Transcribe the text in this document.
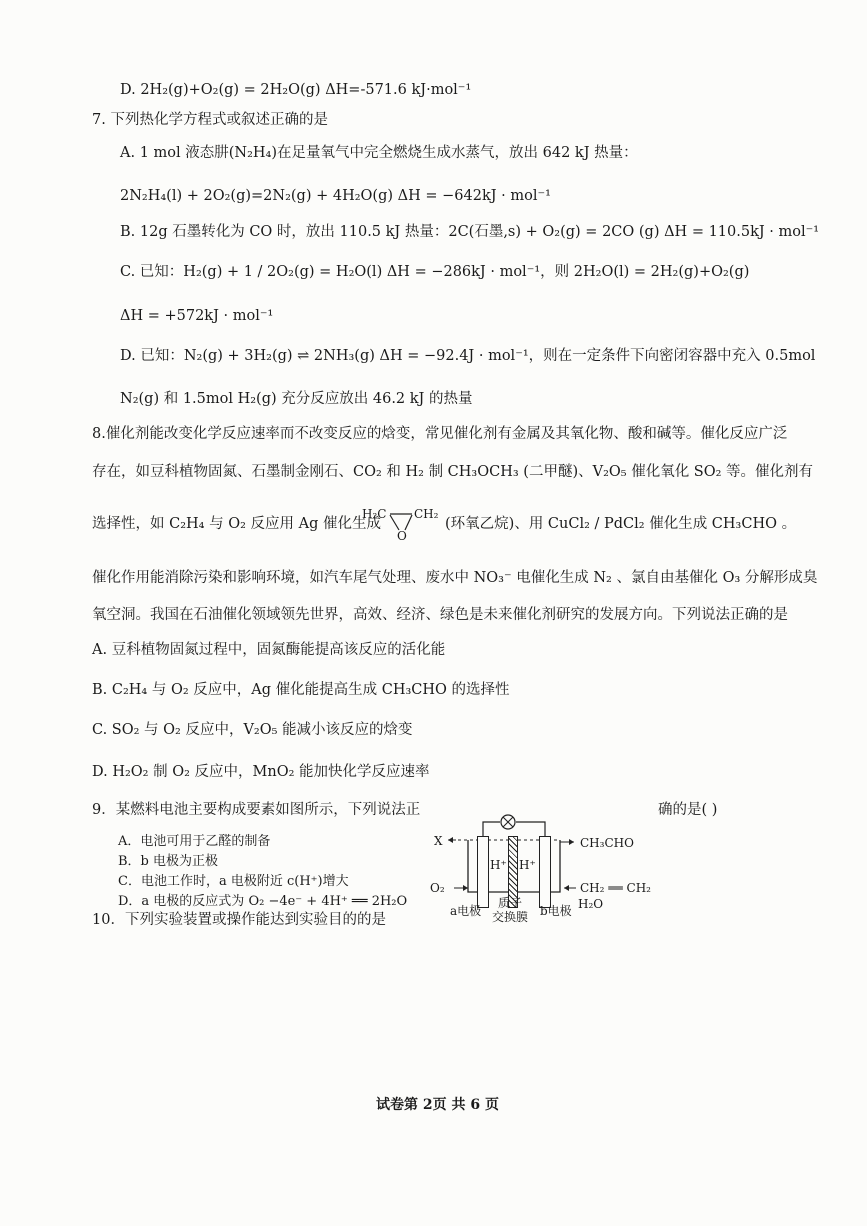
D. 2H₂(g)+O₂(g) = 2H₂O(g) ΔH=-571.6 kJ·mol⁻¹
7. 下列热化学方程式或叙述正确的是
A. 1 mol 液态肼(N₂H₄)在足量氧气中完全燃烧生成水蒸气，放出 642 kJ 热量：
2N₂H₄(l) + 2O₂(g)=2N₂(g) + 4H₂O(g) ΔH = −642kJ · mol⁻¹
B. 12g 石墨转化为 CO 时，放出 110.5 kJ 热量：2C(石墨,s) + O₂(g) = 2CO (g) ΔH = 110.5kJ · mol⁻¹
C. 已知：H₂(g) + 1 / 2O₂(g) = H₂O(l) ΔH = −286kJ · mol⁻¹，则 2H₂O(l) = 2H₂(g)+O₂(g)
ΔH = +572kJ · mol⁻¹
D. 已知：N₂(g) + 3H₂(g) ⇌ 2NH₃(g) ΔH = −92.4J · mol⁻¹，则在一定条件下向密闭容器中充入 0.5mol
N₂(g) 和 1.5mol H₂(g) 充分反应放出 46.2 kJ 的热量
8.催化剂能改变化学反应速率而不改变反应的焓变，常见催化剂有金属及其氧化物、酸和碱等。催化反应广泛
存在，如豆科植物固氮、石墨制金刚石、CO₂ 和 H₂ 制 CH₃OCH₃ (二甲醚)、V₂O₅ 催化氧化 SO₂ 等。催化剂有
选择性，如 C₂H₄ 与 O₂ 反应用 Ag 催化生成
H₂C CH₂
O
(环氧乙烷)、用 CuCl₂ / PdCl₂ 催化生成 CH₃CHO 。
催化作用能消除污染和影响环境，如汽车尾气处理、废水中 NO₃⁻ 电催化生成 N₂ 、氯自由基催化 O₃ 分解形成臭
氧空洞。我国在石油催化领域领先世界，高效、经济、绿色是未来催化剂研究的发展方向。下列说法正确的是
A. 豆科植物固氮过程中，固氮酶能提高该反应的活化能
B. C₂H₄ 与 O₂ 反应中，Ag 催化能提高生成 CH₃CHO 的选择性
C. SO₂ 与 O₂ 反应中，V₂O₅ 能减小该反应的焓变
D. H₂O₂ 制 O₂ 反应中，MnO₂ 能加快化学反应速率
9．某燃料电池主要构成要素如图所示，下列说法正	确的是( )
A．电池可用于乙醛的制备
B．b 电极为正极
C．电池工作时，a 电极附近 c(H⁺)增大
D．a 电极的反应式为 O₂ −4e⁻ + 4H⁺ ══ 2H₂O
10．下列实验装置或操作能达到实验目的的是
X
O₂
H⁺ H⁺
CH₃CHO
CH₂ ══ CH₂
H₂O
a电极
质子
交换膜 b电极
试卷第 2页 共 6 页
